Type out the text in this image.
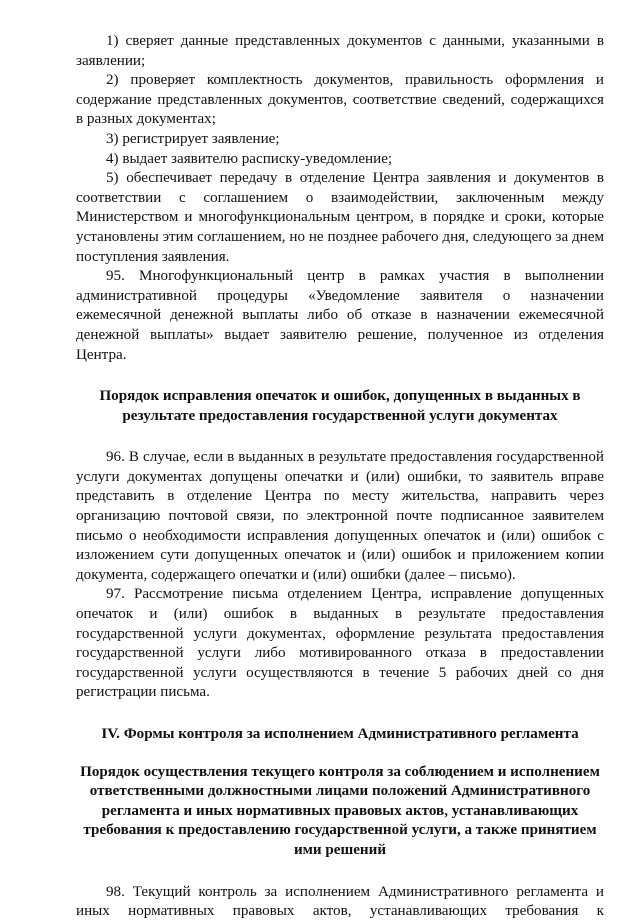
1) сверяет данные представленных документов с данными, указанными в заявлении;

2) проверяет комплектность документов, правильность оформления и содержание представленных документов, соответствие сведений, содержащихся в разных документах;

3) регистрирует заявление;

4) выдает заявителю расписку-уведомление;

5) обеспечивает передачу в отделение Центра заявления и документов в соответствии с соглашением о взаимодействии, заключенным между Министерством и многофункциональным центром, в порядке и сроки, которые установлены этим соглашением, но не позднее рабочего дня, следующего за днем поступления заявления.

95. Многофункциональный центр в рамках участия в выполнении административной процедуры «Уведомление заявителя о назначении ежемесячной денежной выплаты либо об отказе в назначении ежемесячной денежной выплаты» выдает заявителю решение, полученное из отделения Центра.

Порядок исправления опечаток и ошибок, допущенных в выданных в результате предоставления государственной услуги документах

96. В случае, если в выданных в результате предоставления государственной услуги документах допущены опечатки и (или) ошибки, то заявитель вправе представить в отделение Центра по месту жительства, направить через организацию почтовой связи, по электронной почте подписанное заявителем письмо о необходимости исправления допущенных опечаток и (или) ошибок с изложением сути допущенных опечаток и (или) ошибок и приложением копии документа, содержащего опечатки и (или) ошибки (далее – письмо).

97. Рассмотрение письма отделением Центра, исправление допущенных опечаток и (или) ошибок в выданных в результате предоставления государственной услуги документах, оформление результата предоставления государственной услуги либо мотивированного отказа в предоставлении государственной услуги осуществляются в течение 5 рабочих дней со дня регистрации письма.

IV. Формы контроля за исполнением Административного регламента

Порядок осуществления текущего контроля за соблюдением и исполнением ответственными должностными лицами положений Административного регламента и иных нормативных правовых актов, устанавливающих требования к предоставлению государственной услуги, а также принятием ими решений

98. Текущий контроль за исполнением Административного регламента и иных нормативных правовых актов, устанавливающих требования к
